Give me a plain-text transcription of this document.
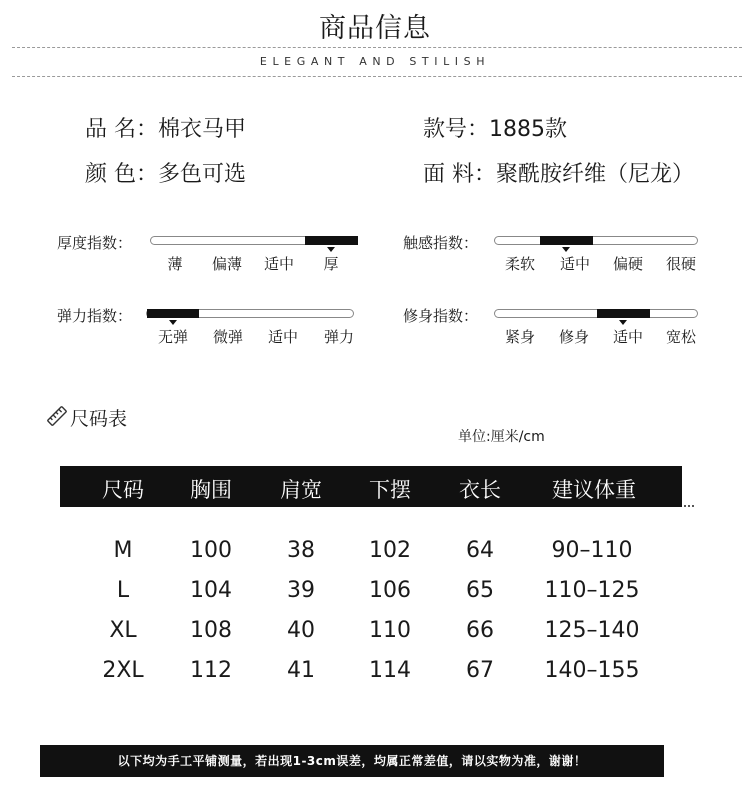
商品信息
ELEGANT AND STILISH
品 名：棉衣马甲	款号：1885款
颜 色：多色可选	面 料：聚酰胺纤维（尼龙）
厚度指数：
薄	偏薄	适中	厚
触感指数：
柔软	适中	偏硬	很硬
弹力指数：
无弹	微弹	适中	弹力
修身指数：
紧身	修身	适中	宽松
尺码表
单位:厘米/cm
尺码	胸围	肩宽	下摆	衣长	建议体重
M	100	38	102	64	90–110
L	104	39	106	65	110–125
XL	108	40	110	66	125–140
2XL	112	41	114	67	140–155
以下均为手工平铺测量，若出现1-3cm误差，均属正常差值，请以实物为准，谢谢！
